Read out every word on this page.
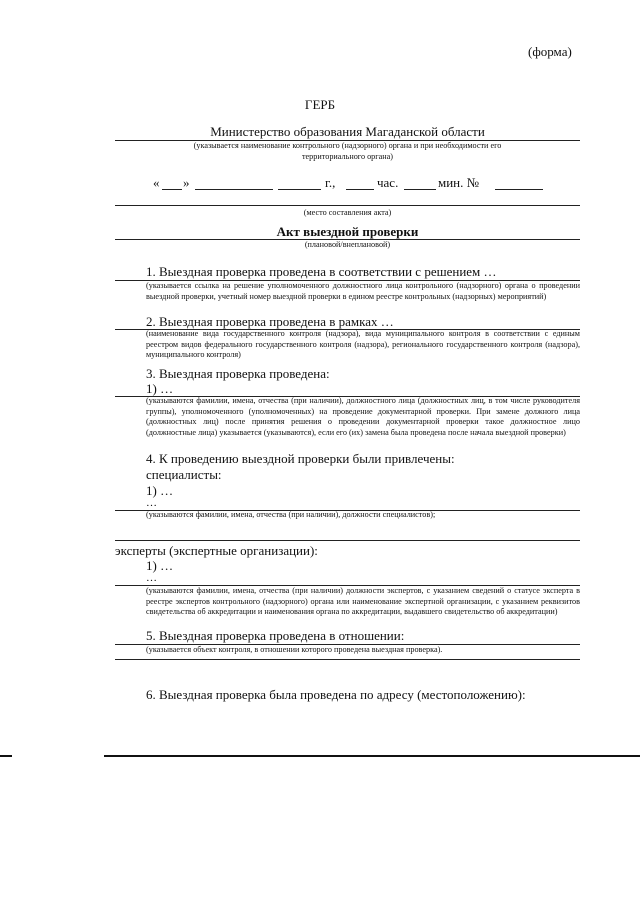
(форма)
ГЕРБ
Министерство образования Магаданской области
(указывается наименование контрольного (надзорного) органа и при необходимости его
территориального органа)
« »	г.,	час.	мин. №
(место составления акта)
Акт выездной проверки
(плановой/внеплановой)
1. Выездная проверка проведена в соответствии с решением …
(указывается ссылка на решение уполномоченного должностного лица контрольного (надзорного) органа о проведении выездной проверки, учетный номер выездной проверки в едином реестре контрольных (надзорных) мероприятий)
2. Выездная проверка проведена в рамках …
(наименование вида государственного контроля (надзора), вида муниципального контроля в соответствии с единым реестром видов федерального государственного контроля (надзора), регионального государственного контроля (надзора), муниципального контроля)
3. Выездная проверка проведена:
1) …
(указываются фамилии, имена, отчества (при наличии), должностного лица (должностных лиц, в том числе руководителя группы), уполномоченного (уполномоченных) на проведение документарной проверки. При замене должного лица (должностных лиц) после принятия решения о проведении документарной проверки такое должностное лицо (должностные лица) указывается (указываются), если его (их) замена была проведена после начала выездной проверки)
4. К проведению выездной проверки были привлечены:
специалисты:
1) …
…
(указываются фамилии, имена, отчества (при наличии), должности специалистов);
эксперты (экспертные организации):
1) …
…
(указываются фамилии, имена, отчества (при наличии) должности экспертов, с указанием сведений о статусе эксперта в реестре экспертов контрольного (надзорного) органа или наименование экспертной организации, с указанием реквизитов свидетельства об аккредитации и наименования органа по аккредитации, выдавшего свидетельство об аккредитации)
5. Выездная проверка проведена в отношении:
(указывается объект контроля, в отношении которого проведена выездная проверка).
6. Выездная проверка была проведена по адресу (местоположению):
